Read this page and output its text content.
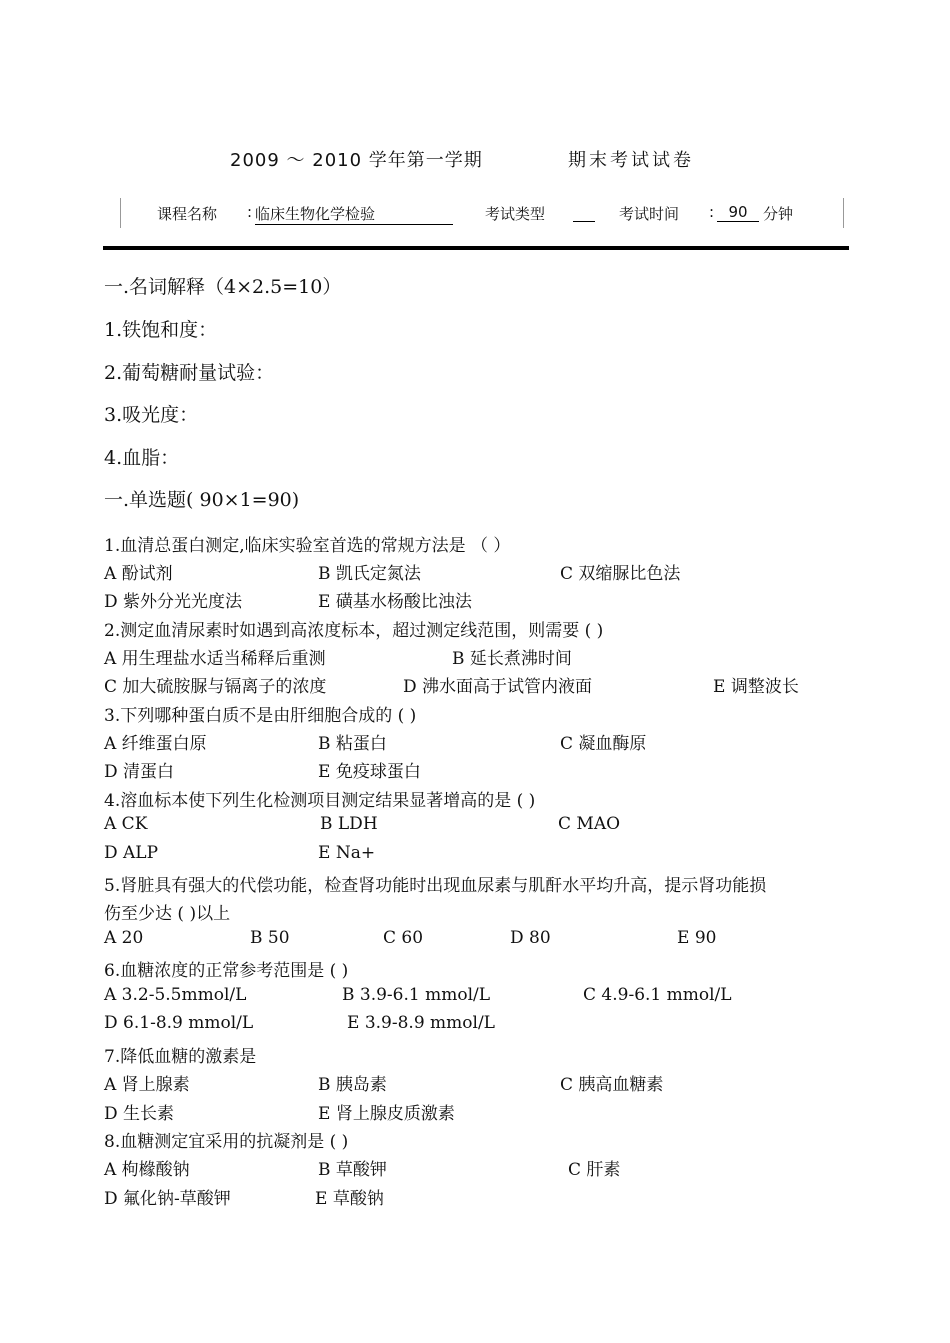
2009 ～ 2010 学年第一学期	期末考试试卷
课程名称 : 临床生物化学检验	考试类型	考试时间 : 90	分钟
一.名词解释（4×2.5=10）
1.铁饱和度：
2.葡萄糖耐量试验：
3.吸光度：
4.血脂：
一.单选题( 90×1=90)
1.血清总蛋白测定,临床实验室首选的常规方法是 （ ）
A 酚试剂	B 凯氏定氮法	C 双缩脲比色法
D 紫外分光光度法	E 磺基水杨酸比浊法
2.测定血清尿素时如遇到高浓度标本，超过测定线范围，则需要 ( )
A 用生理盐水适当稀释后重测	B 延长煮沸时间
C 加大硫胺脲与镉离子的浓度	D 沸水面高于试管内液面	E 调整波长
3.下列哪种蛋白质不是由肝细胞合成的 ( )
A 纤维蛋白原	B 粘蛋白	C 凝血酶原
D 清蛋白	E 免疫球蛋白
4.溶血标本使下列生化检测项目测定结果显著增高的是 ( )
A CK	B LDH	C MAO
D ALP	E Na+
5.肾脏具有强大的代偿功能，检查肾功能时出现血尿素与肌酐水平均升高，提示肾功能损
伤至少达 ( )以上
A 20	B 50	C 60	D 80	E 90
6.血糖浓度的正常参考范围是 ( )
A 3.2-5.5mmol/L	B 3.9-6.1 mmol/L	C 4.9-6.1 mmol/L
D 6.1-8.9 mmol/L	E 3.9-8.9 mmol/L
7.降低血糖的激素是
A 肾上腺素	B 胰岛素	C 胰高血糖素
D 生长素	E 肾上腺皮质激素
8.血糖测定宜采用的抗凝剂是 ( )
A 枸橼酸钠	B 草酸钾	C 肝素
D 氟化钠-草酸钾	E 草酸钠
